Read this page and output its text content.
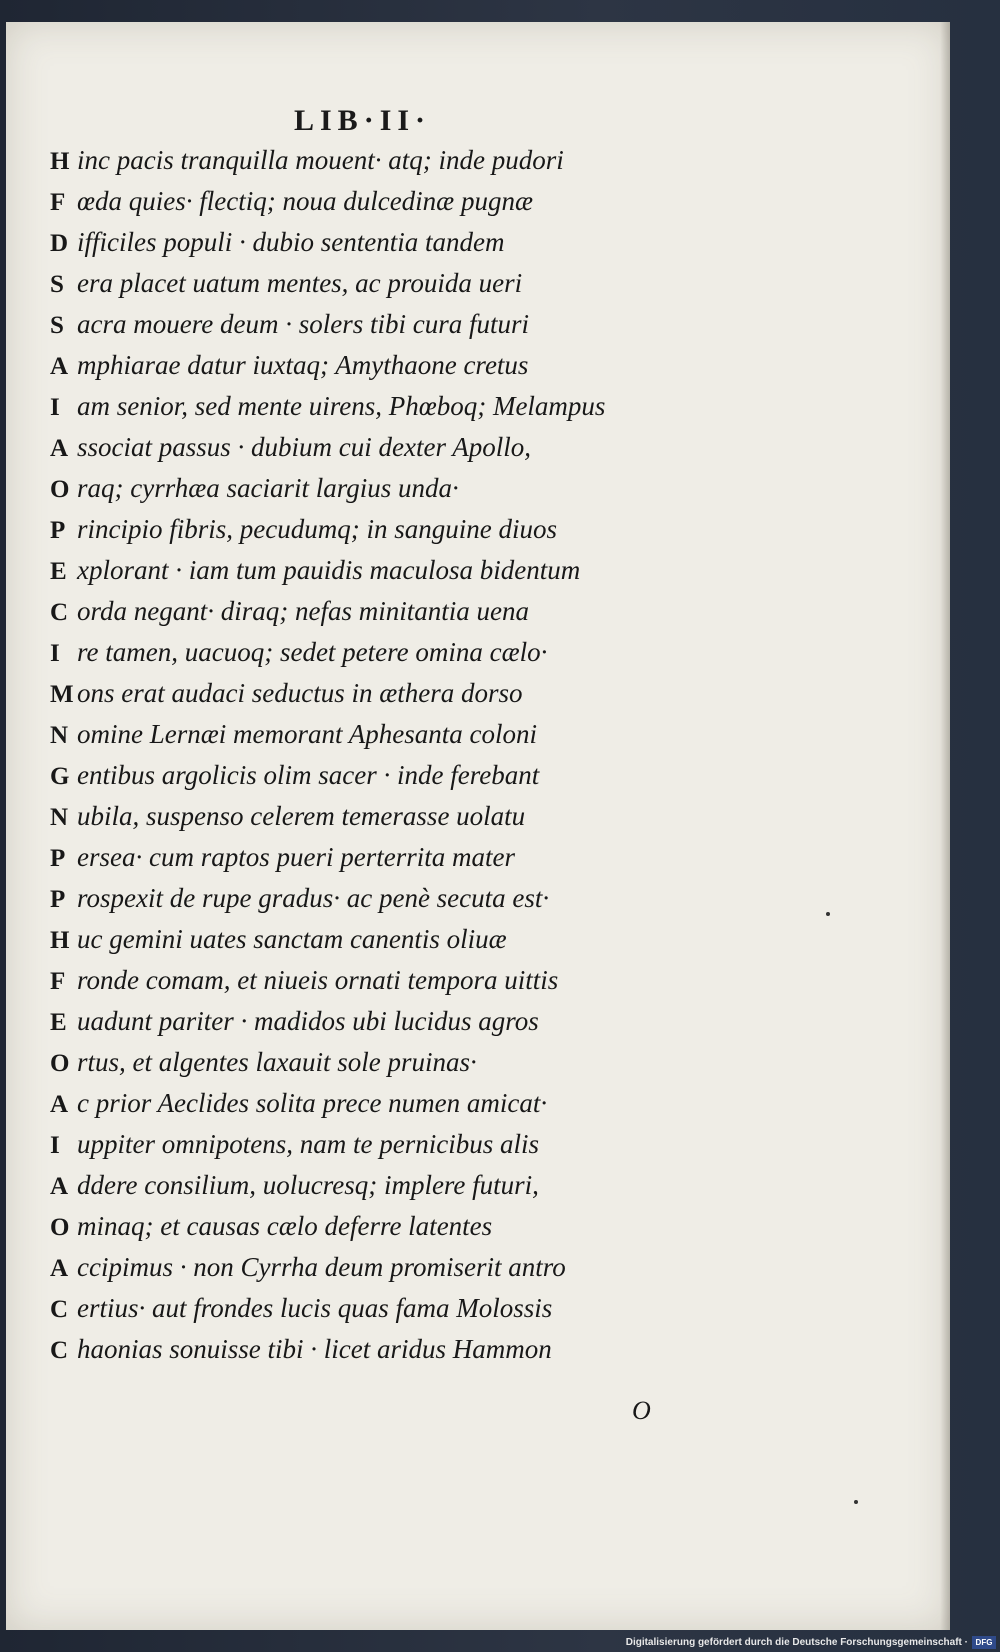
LIB·II·
H inc pacis tranquilla mouent· atq; inde pudori
F œda quies· flectiq; noua dulcedinæ pugnæ
D ifficiles populi · dubio sententia tandem
S era placet uatum mentes, ac prouida ueri
S acra mouere deum · solers tibi cura futuri
A mphiarae datur iuxtaq; Amythaone cretus
I am senior, sed mente uirens, Phœboq; Melampus
A ssociat passus · dubium cui dexter Apollo,
O raq; cyrrhæa saciarit largius unda·
P rincipio fibris, pecudumq; in sanguine diuos
E xplorant · iam tum pauidis maculosa bidentum
C orda negant· diraq; nefas minitantia uena
I re tamen, uacuoq; sedet petere omina cælo·
M ons erat audaci seductus in æthera dorso
N omine Lernæi memorant Aphesanta coloni
G entibus argolicis olim sacer · inde ferebant
N ubila, suspenso celerem temerasse uolatu
P ersea· cum raptos pueri perterrita mater
P rospexit de rupe gradus· ac penè secuta est·
H uc gemini uates sanctam canentis oliuæ
F ronde comam, et niueis ornati tempora uittis
E uadunt pariter · madidos ubi lucidus agros
O rtus, et algentes laxauit sole pruinas·
A c prior Aeclides solita prece numen amicat·
I uppiter omnipotens, nam te pernicibus alis
A ddere consilium, uolucresq; implere futuri,
O minaq; et causas cælo deferre latentes
A ccipimus · non Cyrrha deum promiserit antro
C ertius· aut frondes lucis quas fama Molossis
C haonias sonuisse tibi · licet aridus Hammon
O
Digitalisierung gefördert durch die Deutsche Forschungsgemeinschaft · DFG
